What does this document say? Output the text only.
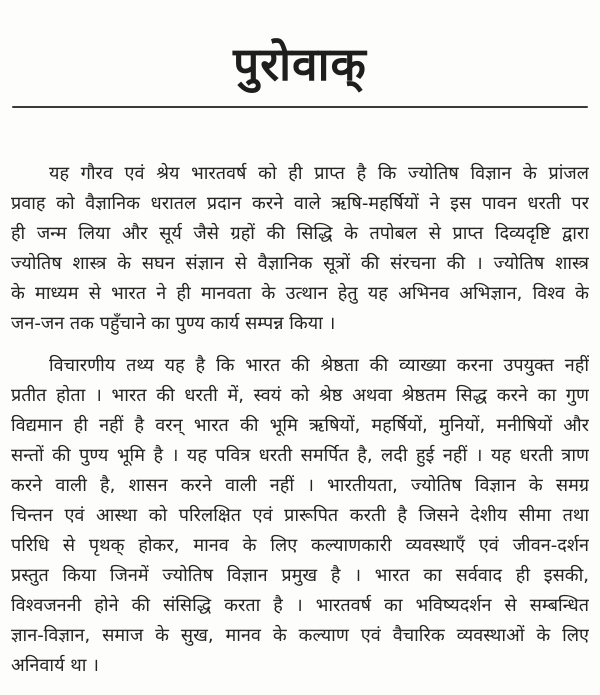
पुरोवाक्
यह गौरव एवं श्रेय भारतवर्ष को ही प्राप्त है कि ज्योतिष विज्ञान के प्रांजल
प्रवाह को वैज्ञानिक धरातल प्रदान करने वाले ऋषि-महर्षियों ने इस पावन धरती पर
ही जन्म लिया और सूर्य जैसे ग्रहों की सिद्धि के तपोबल से प्राप्त दिव्यदृष्टि द्वारा
ज्योतिष शास्त्र के सघन संज्ञान से वैज्ञानिक सूत्रों की संरचना की । ज्योतिष शास्त्र
के माध्यम से भारत ने ही मानवता के उत्थान हेतु यह अभिनव अभिज्ञान, विश्व के
जन-जन तक पहुँचाने का पुण्य कार्य सम्पन्न किया ।
विचारणीय तथ्य यह है कि भारत की श्रेष्ठता की व्याख्या करना उपयुक्त नहीं
प्रतीत होता । भारत की धरती में, स्वयं को श्रेष्ठ अथवा श्रेष्ठतम सिद्ध करने का गुण
विद्यमान ही नहीं है वरन् भारत की भूमि ऋषियों, महर्षियों, मुनियों, मनीषियों और
सन्तों की पुण्य भूमि है । यह पवित्र धरती समर्पित है, लदी हुई नहीं । यह धरती त्राण
करने वाली है, शासन करने वाली नहीं । भारतीयता, ज्योतिष विज्ञान के समग्र
चिन्तन एवं आस्था को परिलक्षित एवं प्रारूपित करती है जिसने देशीय सीमा तथा
परिधि से पृथक् होकर, मानव के लिए कल्याणकारी व्यवस्थाएँ एवं जीवन-दर्शन
प्रस्तुत किया जिनमें ज्योतिष विज्ञान प्रमुख है । भारत का सर्ववाद ही इसकी,
विश्वजननी होने की संसिद्धि करता है । भारतवर्ष का भविष्यदर्शन से सम्बन्धित
ज्ञान-विज्ञान, समाज के सुख, मानव के कल्याण एवं वैचारिक व्यवस्थाओं के लिए
अनिवार्य था ।
